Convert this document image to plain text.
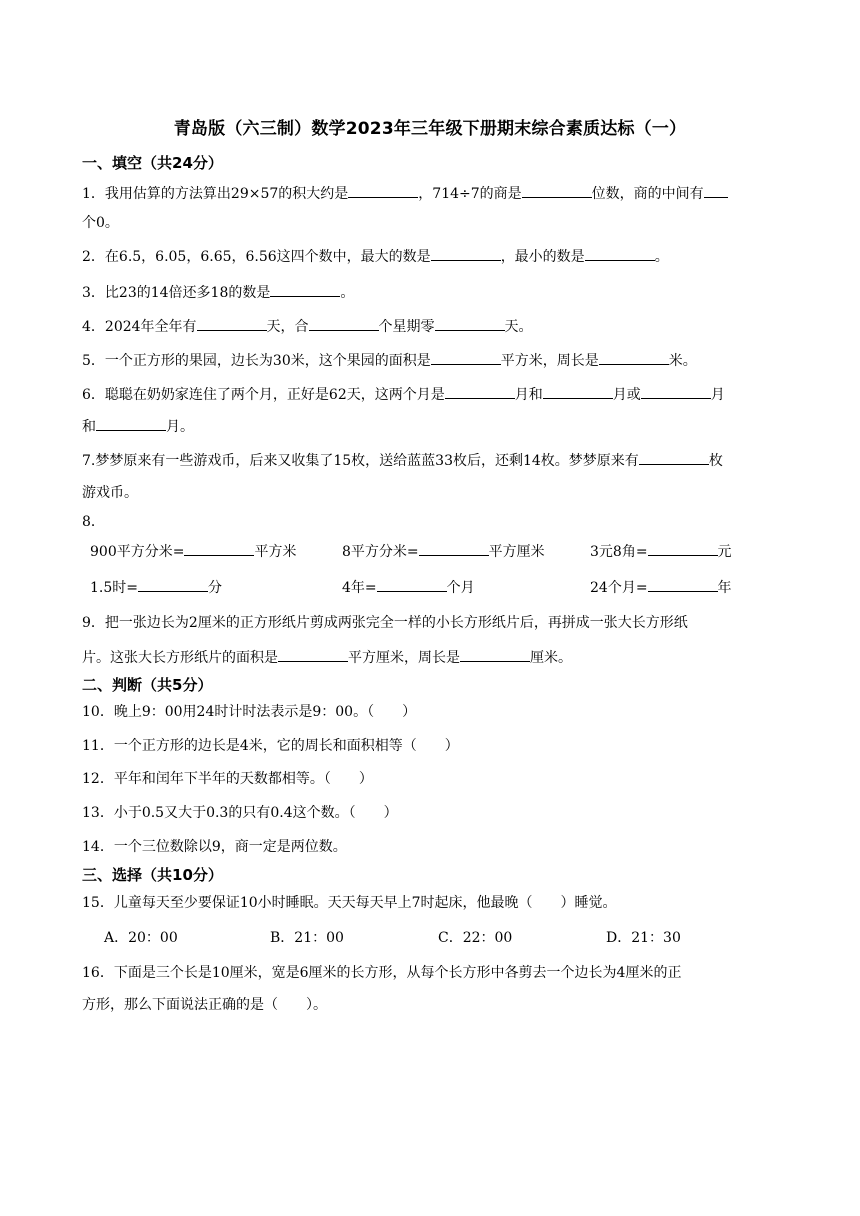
青岛版（六三制）数学2023年三年级下册期末综合素质达标（一）
一、填空（共24分）
1．我用估算的方法算出29×57的积大约是	，714÷7的商是	位数，商的中间有
个0。
2．在6.5，6.05，6.65，6.56这四个数中，最大的数是	，最小的数是	。
3．比23的14倍还多18的数是	。
4．2024年全年有	天，合	个星期零	天。
5．一个正方形的果园，边长为30米，这个果园的面积是	平方米，周长是	米。
6．聪聪在奶奶家连住了两个月，正好是62天，这两个月是	月和	月或	月
和	月。
7.梦梦原来有一些游戏币，后来又收集了15枚，送给蓝蓝33枚后，还剩14枚。梦梦原来有	枚
游戏币。
8．
900平方分米=	平方米	8平方分米=	平方厘米	3元8角=	元
1.5时=	分	4年=	个月	24个月=	年
9．把一张边长为2厘米的正方形纸片剪成两张完全一样的小长方形纸片后，再拼成一张大长方形纸
片。这张大长方形纸片的面积是	平方厘米，周长是	厘米。
二、判断（共5分）
10．晚上9：00用24时计时法表示是9：00。（ ）
11．一个正方形的边长是4米，它的周长和面积相等（ ）
12．平年和闰年下半年的天数都相等。（ ）
13．小于0.5又大于0.3的只有0.4这个数。（ ）
14．一个三位数除以9，商一定是两位数。
三、选择（共10分）
15．儿童每天至少要保证10小时睡眠。天天每天早上7时起床，他最晚（ ）睡觉。
A．20：00	B．21：00	C．22：00	D．21：30
16．下面是三个长是10厘米，宽是6厘米的长方形，从每个长方形中各剪去一个边长为4厘米的正
方形，那么下面说法正确的是（ ）。
